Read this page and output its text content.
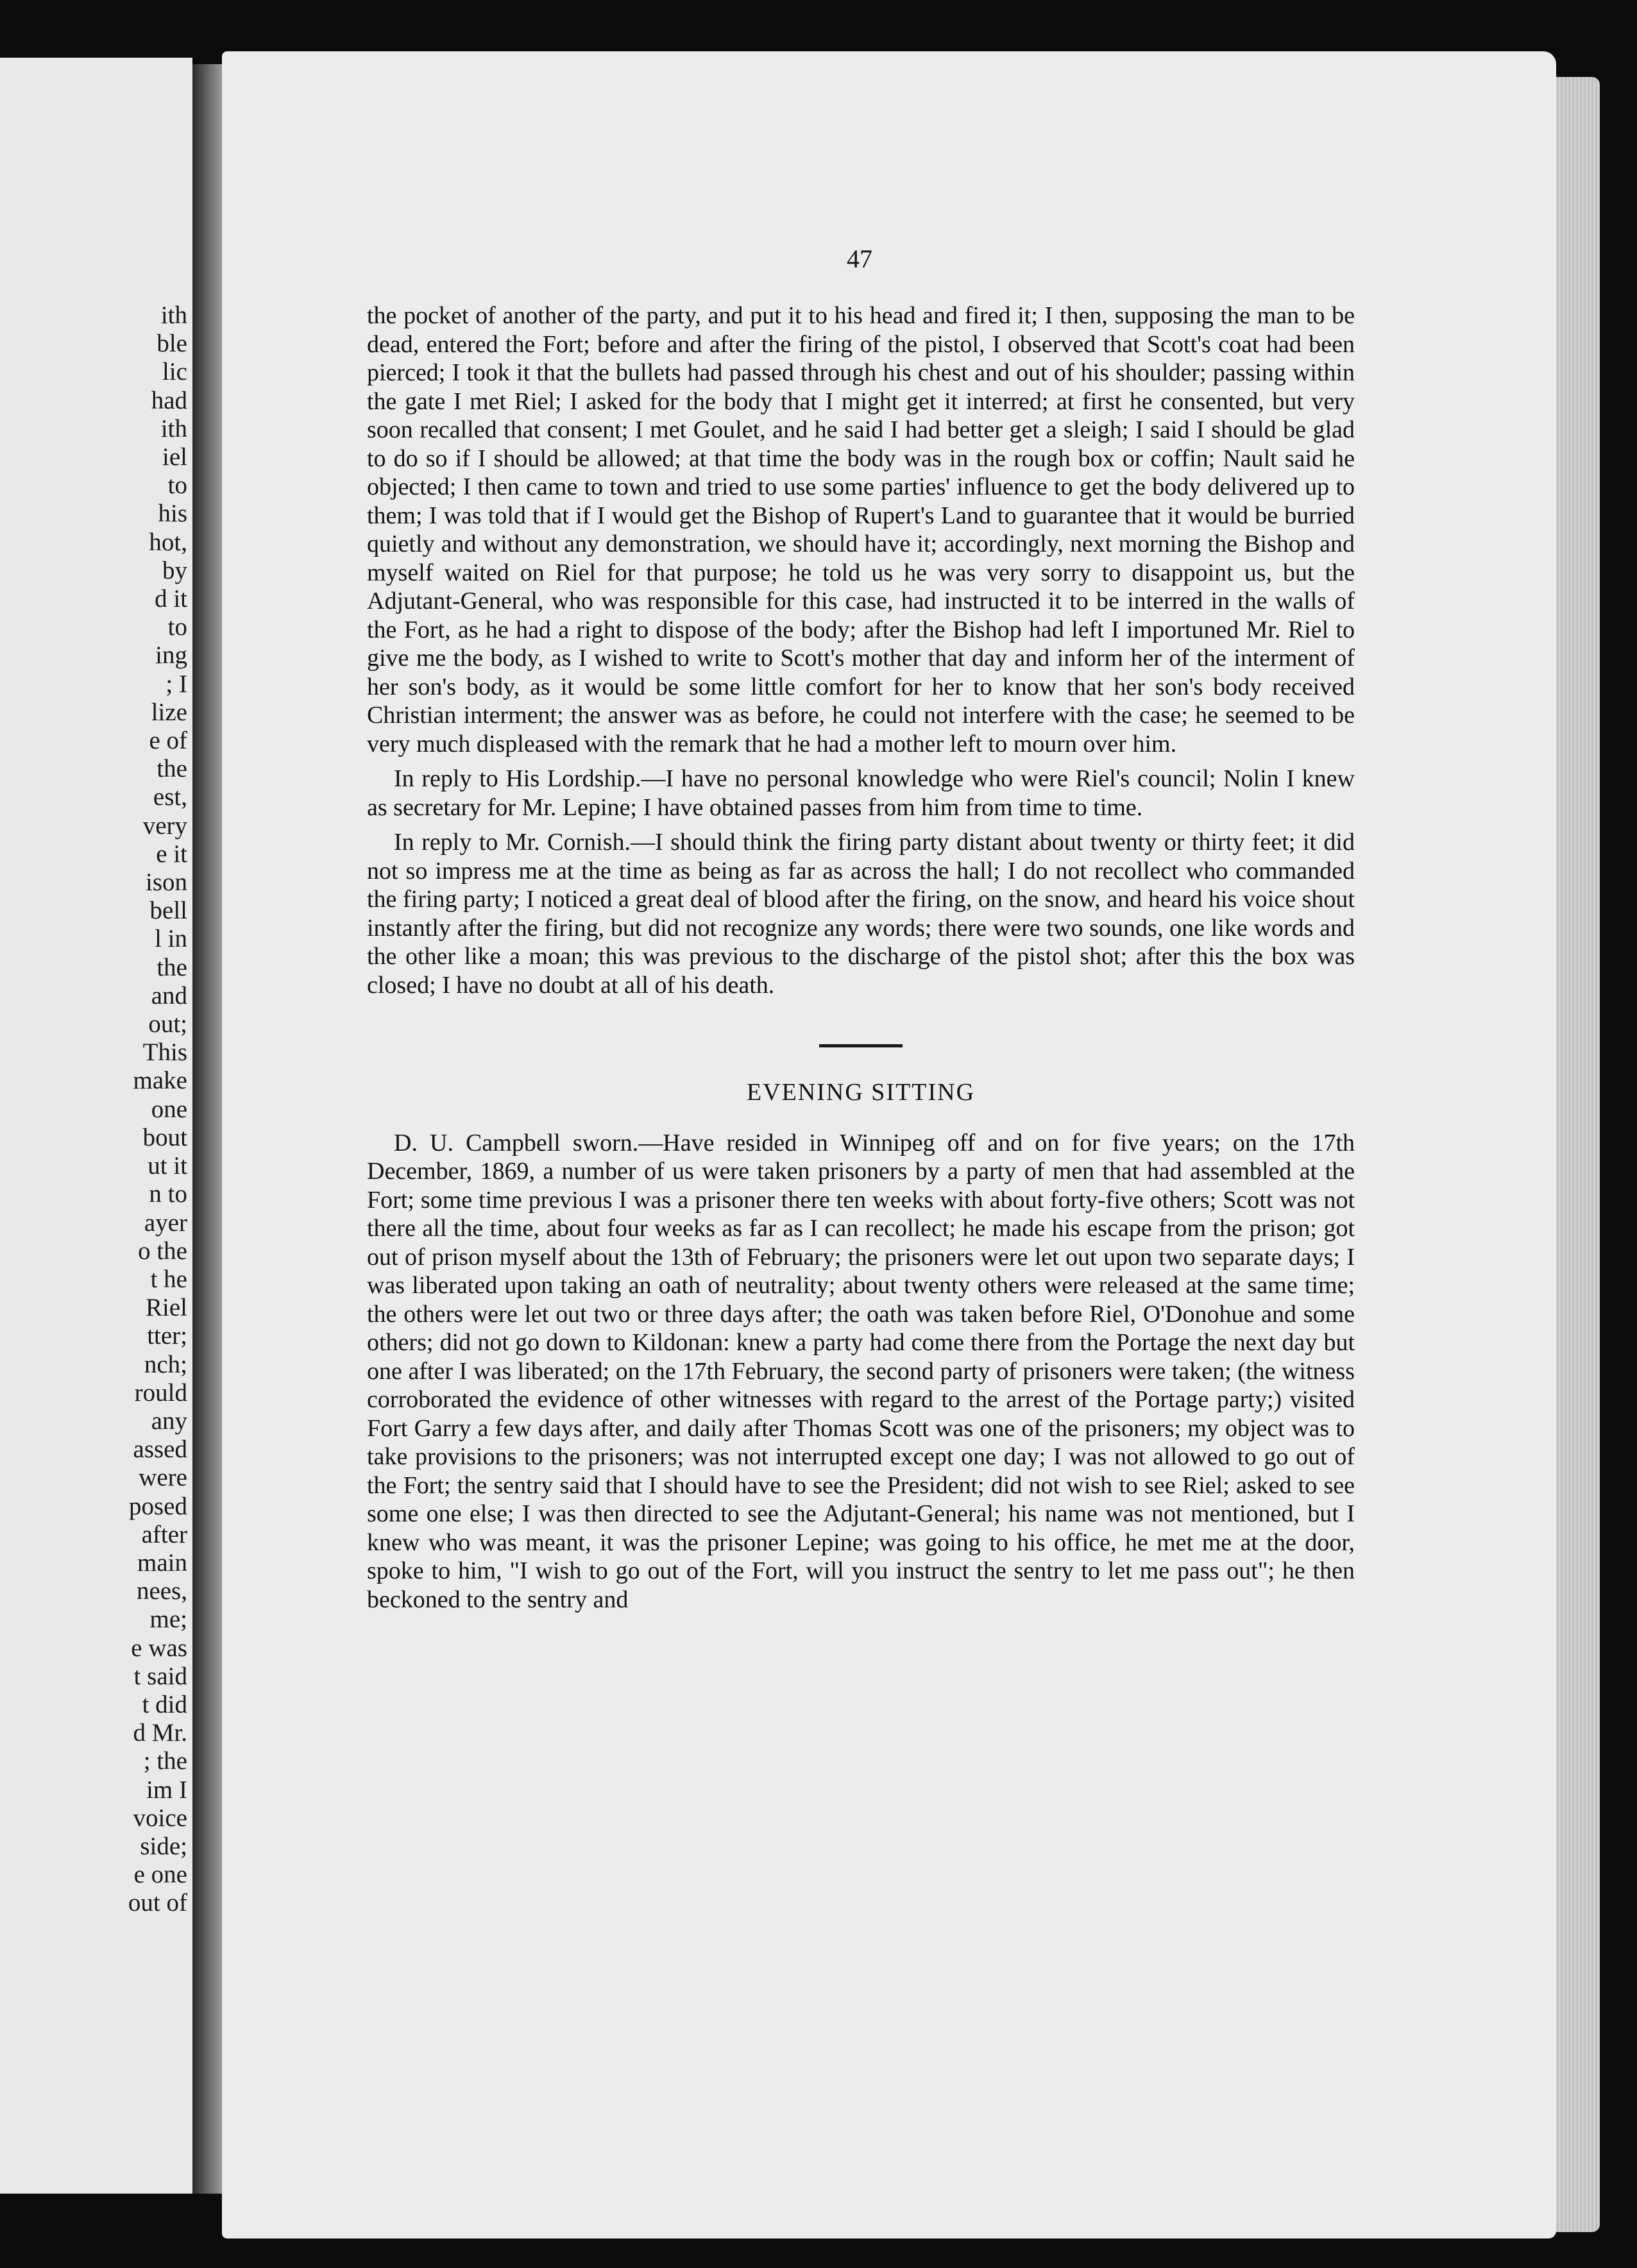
ith
ble
lic
had
ith
iel
to
his
hot,
by
d it
to
ing
; I
lize
e of
the
est,
very
e it
ison
bell
l in
the
and
out;
This
make
one
bout
ut it
n to
ayer
o the
t he
Riel
tter;
nch;
rould
any
assed
were
posed
after
main
nees,
me;
e was
t said
t did
d Mr.
; the
im I
voice
side;
e one
out of
47

the pocket of another of the party, and put it to his head and fired it; I then, supposing the man to be dead, entered the Fort; before and after the firing of the pistol, I observed that Scott's coat had been pierced; I took it that the bullets had passed through his chest and out of his shoulder; passing within the gate I met Riel; I asked for the body that I might get it interred; at first he consented, but very soon recalled that consent; I met Goulet, and he said I had better get a sleigh; I said I should be glad to do so if I should be allowed; at that time the body was in the rough box or coffin; Nault said he objected; I then came to town and tried to use some parties' influence to get the body delivered up to them; I was told that if I would get the Bishop of Rupert's Land to guarantee that it would be burried quietly and without any demonstration, we should have it; accordingly, next morning the Bishop and myself waited on Riel for that purpose; he told us he was very sorry to disappoint us, but the Adjutant-General, who was responsible for this case, had instructed it to be interred in the walls of the Fort, as he had a right to dispose of the body; after the Bishop had left I importuned Mr. Riel to give me the body, as I wished to write to Scott's mother that day and inform her of the interment of her son's body, as it would be some little comfort for her to know that her son's body received Christian interment; the answer was as before, he could not interfere with the case; he seemed to be very much displeased with the remark that he had a mother left to mourn over him.

In reply to His Lordship.—I have no personal knowledge who were Riel's council; Nolin I knew as secretary for Mr. Lepine; I have obtained passes from him from time to time.

In reply to Mr. Cornish.—I should think the firing party distant about twenty or thirty feet; it did not so impress me at the time as being as far as across the hall; I do not recollect who commanded the firing party; I noticed a great deal of blood after the firing, on the snow, and heard his voice shout instantly after the firing, but did not recognize any words; there were two sounds, one like words and the other like a moan; this was previous to the discharge of the pistol shot; after this the box was closed; I have no doubt at all of his death.

EVENING SITTING

D. U. Campbell sworn.—Have resided in Winnipeg off and on for five years; on the 17th December, 1869, a number of us were taken prisoners by a party of men that had assembled at the Fort; some time previous I was a prisoner there ten weeks with about forty-five others; Scott was not there all the time, about four weeks as far as I can recollect; he made his escape from the prison; got out of prison myself about the 13th of February; the prisoners were let out upon two separate days; I was liberated upon taking an oath of neutrality; about twenty others were released at the same time; the others were let out two or three days after; the oath was taken before Riel, O'Donohue and some others; did not go down to Kildonan: knew a party had come there from the Portage the next day but one after I was liberated; on the 17th February, the second party of prisoners were taken; (the witness corroborated the evidence of other witnesses with regard to the arrest of the Portage party;) visited Fort Garry a few days after, and daily after Thomas Scott was one of the prisoners; my object was to take provisions to the prisoners; was not interrupted except one day; I was not allowed to go out of the Fort; the sentry said that I should have to see the President; did not wish to see Riel; asked to see some one else; I was then directed to see the Adjutant-General; his name was not mentioned, but I knew who was meant, it was the prisoner Lepine; was going to his office, he met me at the door, spoke to him, "I wish to go out of the Fort, will you instruct the sentry to let me pass out"; he then beckoned to the sentry and
